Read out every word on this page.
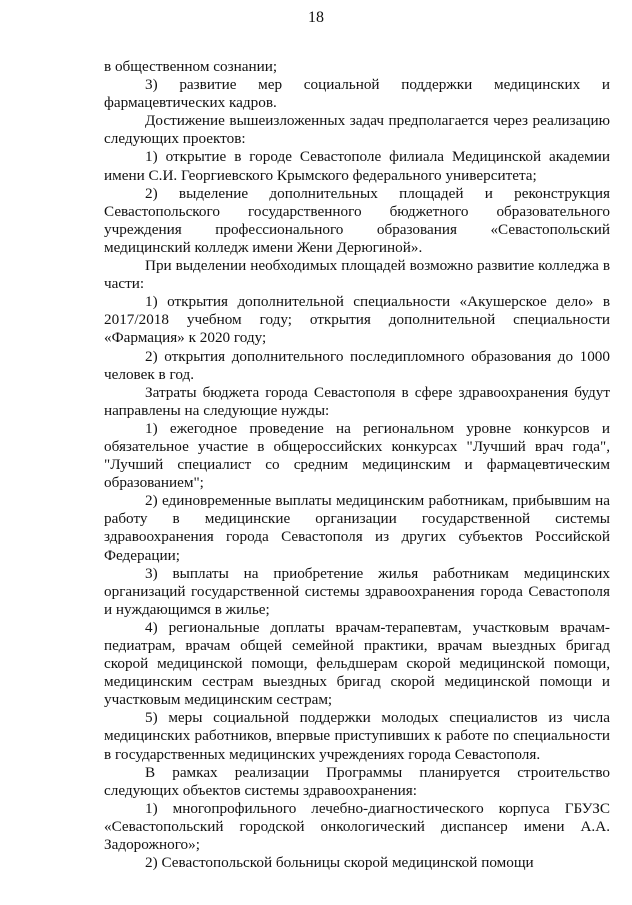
18

в общественном сознании;

3) развитие мер социальной поддержки медицинских и фармацевтических кадров.

Достижение вышеизложенных задач предполагается через реализацию следующих проектов:

1) открытие в городе Севастополе филиала Медицинской академии имени С.И. Георгиевского Крымского федерального университета;

2) выделение дополнительных площадей и реконструкция Севастопольского государственного бюджетного образовательного учреждения профессионального образования «Севастопольский медицинский колледж имени Жени Дерюгиной».

При выделении необходимых площадей возможно развитие колледжа в части:

1) открытия дополнительной специальности «Акушерское дело» в 2017/2018 учебном году; открытия дополнительной специальности «Фармация» к 2020 году;

2) открытия дополнительного последипломного образования до 1000 человек в год.

Затраты бюджета города Севастополя в сфере здравоохранения будут направлены на следующие нужды:

1) ежегодное проведение на региональном уровне конкурсов и обязательное участие в общероссийских конкурсах "Лучший врач года", "Лучший специалист со средним медицинским и фармацевтическим образованием";

2) единовременные выплаты медицинским работникам, прибывшим на работу в медицинские организации государственной системы здравоохранения города Севастополя из других субъектов Российской Федерации;

3) выплаты на приобретение жилья работникам медицинских организаций государственной системы здравоохранения города Севастополя и нуждающимся в жилье;

4) региональные доплаты врачам-терапевтам, участковым врачам-педиатрам, врачам общей семейной практики, врачам выездных бригад скорой медицинской помощи, фельдшерам скорой медицинской помощи, медицинским сестрам выездных бригад скорой медицинской помощи и участковым медицинским сестрам;

5) меры социальной поддержки молодых специалистов из числа медицинских работников, впервые приступивших к работе по специальности в государственных медицинских учреждениях города Севастополя.

В рамках реализации Программы планируется строительство следующих объектов системы здравоохранения:

1) многопрофильного лечебно-диагностического корпуса ГБУЗС «Севастопольский городской онкологический диспансер имени А.А. Задорожного»;

2) Севастопольской больницы скорой медицинской помощи
